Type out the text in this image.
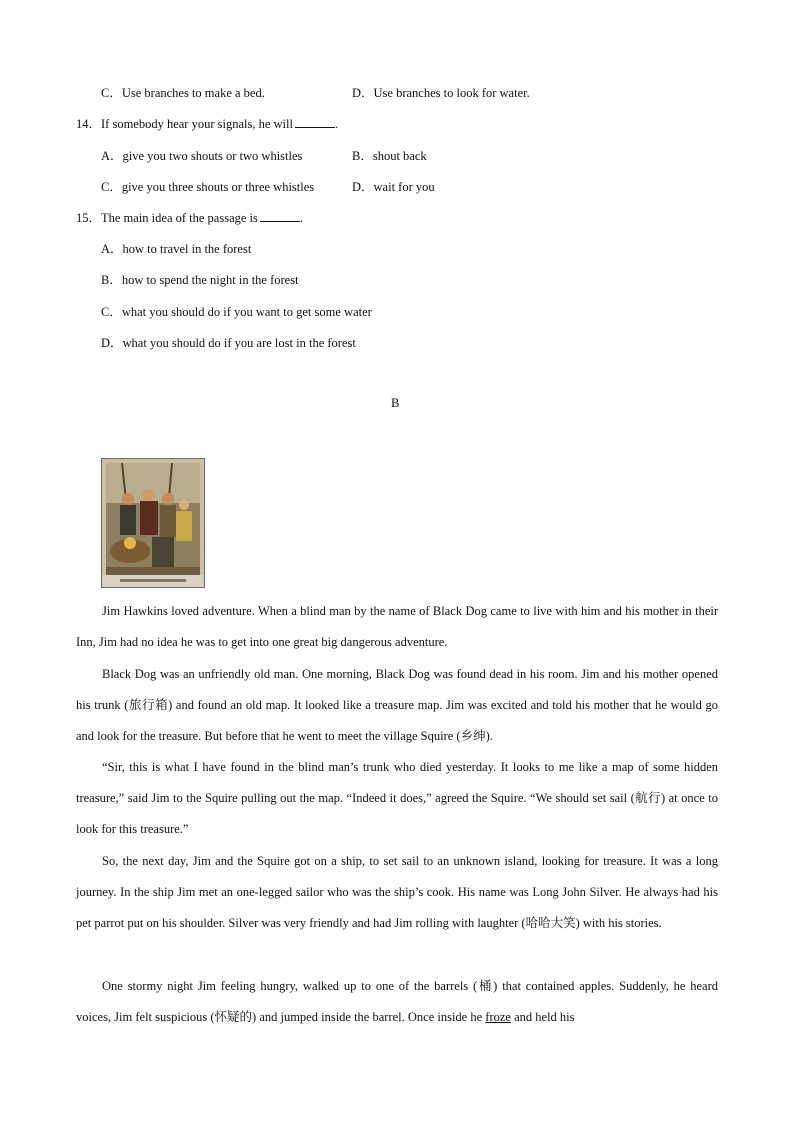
C．Use branches to make a bed.	D．Use branches to look for water.
14．If somebody hear your signals, he will	.
A．give you two shouts or two whistles	B．shout back
C．give you three shouts or three whistles	D．wait for you
15．The main idea of the passage is	.
A．how to travel in the forest
B．how to spend the night in the forest
C．what you should do if you want to get some water
D．what you should do if you are lost in the forest
B
Jim Hawkins loved adventure. When a blind man by the name of Black Dog came to live with him and his mother in their Inn, Jim had no idea he was to get into one great big dangerous adventure.
Black Dog was an unfriendly old man. One morning, Black Dog was found dead in his room. Jim and his mother opened his trunk (旅行箱) and found an old map. It looked like a treasure map. Jim was excited and told his mother that he would go and look for the treasure. But before that he went to meet the village Squire (乡绅).
“Sir, this is what I have found in the blind man’s trunk who died yesterday. It looks to me like a map of some hidden treasure,” said Jim to the Squire pulling out the map. “Indeed it does,” agreed the Squire. “We should set sail (航行) at once to look for this treasure.”
So, the next day, Jim and the Squire got on a ship, to set sail to an unknown island, looking for treasure. It was a long journey. In the ship Jim met an one-legged sailor who was the ship’s cook. His name was Long John Silver. He always had his pet parrot put on his shoulder. Silver was very friendly and had Jim rolling with laughter (哈哈大笑) with his stories.
One stormy night Jim feeling hungry, walked up to one of the barrels (桶) that contained apples. Suddenly, he heard voices, Jim felt suspicious (怀疑的) and jumped inside the barrel. Once inside he froze and held his
